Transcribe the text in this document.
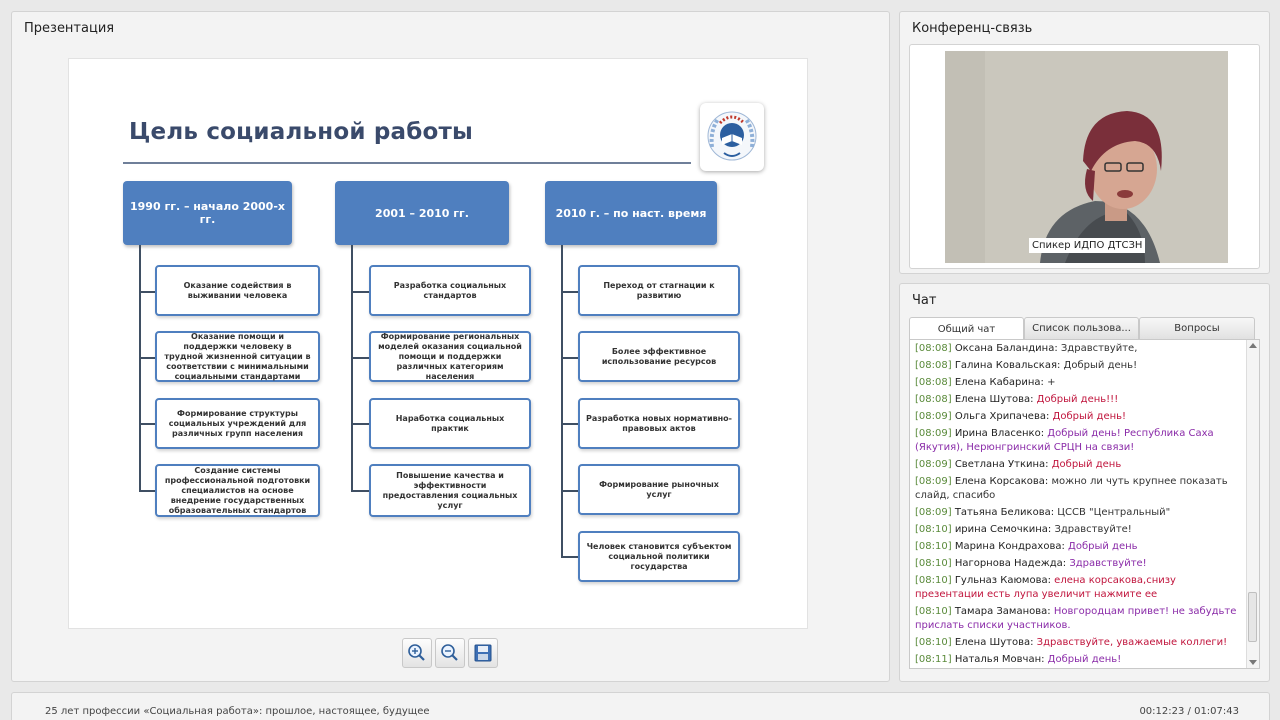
Презентация
Цель социальной работы
1990 гг. – начало 2000-х гг.
Оказание содействия в выживании человека
Оказание помощи и поддержки человеку в трудной жизненной ситуации в соответствии с минимальными социальными стандартами
Формирование структуры социальных учреждений для различных групп населения
Создание системы профессиональной подготовки специалистов на основе внедрение государственных образовательных стандартов
2001 – 2010 гг.
Разработка социальных стандартов
Формирование региональных моделей оказания социальной помощи и поддержки различных категориям населения
Наработка социальных практик
Повышение качества и эффективности предоставления социальных услуг
2010 г. – по наст. время
Переход от стагнации к развитию
Более эффективное использование ресурсов
Разработка новых нормативно-правовых актов
Формирование рыночных услуг
Человек становится субъектом социальной политики государства
Конференц-связь
Спикер ИДПО ДТСЗН
Чат
Общий чат	Список пользова...	Вопросы
[08:08] Оксана Баландина: Здравствуйте,
[08:08] Галина Ковальская: Добрый день!
[08:08] Елена Кабарина: +
[08:08] Елена Шутова: Добрый день!!!
[08:09] Ольга Хрипачева: Добрый день!
[08:09] Ирина Власенко: Добрый день! Республика Саха (Якутия), Нерюнгринский СРЦН на связи!
[08:09] Светлана Уткина: Добрый день
[08:09] Елена Корсакова: можно ли чуть крупнее показать слайд, спасибо
[08:09] Татьяна Беликова: ЦССВ "Центральный"
[08:10] ирина Семочкина: Здравствуйте!
[08:10] Марина Кондрахова: Добрый день
[08:10] Нагорнова Надежда: Здравствуйте!
[08:10] Гульназ Каюмова: елена корсакова,снизу презентации есть лупа увеличит нажмите ее
[08:10] Тамара Заманова: Новгородцам привет! не забудьте прислать списки участников.
[08:10] Елена Шутова: Здравствуйте, уважаемые коллеги!
[08:11] Наталья Мовчан: Добрый день!
25 лет профессии «Социальная работа»: прошлое, настоящее, будущее	00:12:23 / 01:07:43
